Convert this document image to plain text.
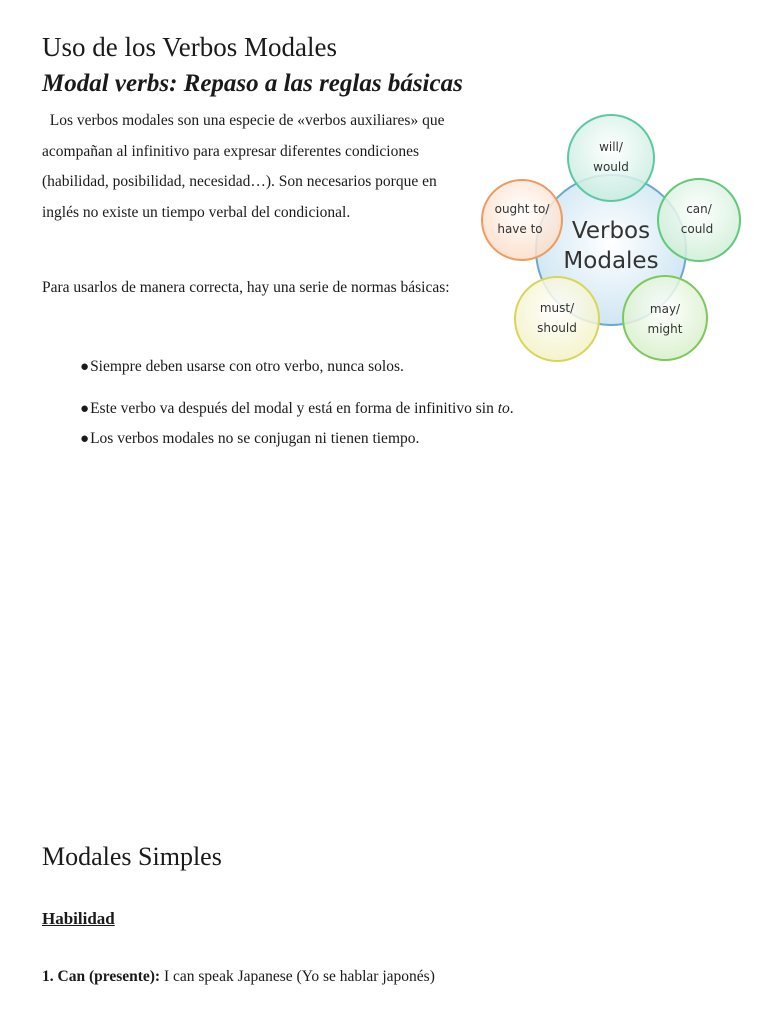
Uso de los Verbos Modales
Modal verbs: Repaso a las reglas básicas

Los verbos modales son una especie de «verbos auxiliares» que acompañan al infinitivo para expresar diferentes condiciones (habilidad, posibilidad, necesidad…). Son necesarios porque en inglés no existe un tiempo verbal del condicional.

Para usarlos de manera correcta, hay una serie de normas básicas:

●Siempre deben usarse con otro verbo, nunca solos.
●Este verbo va después del modal y está en forma de infinitivo sin to.
●Los verbos modales no se conjugan ni tienen tiempo.
Verbos
Modales
will/
would
can/
could
may/
might
must/
should
ought to/
have to
Modales Simples
Habilidad

1. Can (presente): I can speak Japanese (Yo se hablar japonés)
